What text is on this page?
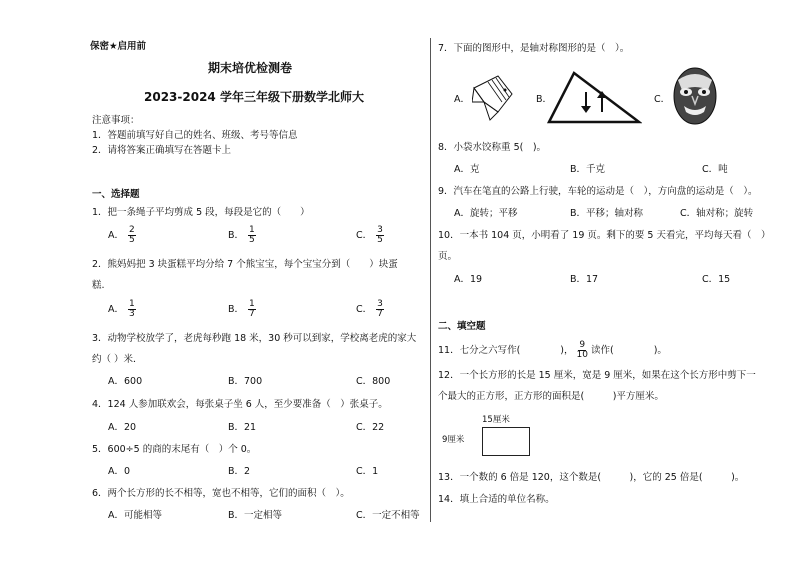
保密★启用前
期末培优检测卷
2023-2024 学年三年级下册数学北师大
注意事项：
1．答题前填写好自己的姓名、班级、考号等信息
2．请将答案正确填写在答题卡上
一、选择题
1．把一条绳子平均剪成 5 段，每段是它的（　　）
A． $\frac{2}{5}$	B． $\frac{1}{5}$	C． $\frac{3}{5}$
2．熊妈妈把 3 块蛋糕平均分给 7 个熊宝宝，每个宝宝分到（　　）块蛋
糕.
A． $\frac{1}{3}$	B． $\frac{1}{7}$	C． $\frac{3}{7}$
3．动物学校放学了，老虎每秒跑 18 米，30 秒可以到家，学校离老虎的家大
约（ ）米．
A．600	B．700	C．800
4．124 人参加联欢会，每张桌子坐 6 人，至少要准备（　）张桌子。
A．20	B．21	C．22
5．600÷5 的商的末尾有（　）个 0。
A．0	B．2	C．1
6．两个长方形的长不相等，宽也不相等，它们的面积（　）。
A．可能相等	B．一定相等	C．一定不相等
7．下面的图形中，是轴对称图形的是（　）。
A．	B．	C．
8．小袋水饺称重 5(　)。
A．克	B．千克	C．吨
9．汽车在笔直的公路上行驶，车轮的运动是（　），方向盘的运动是（　）。
A．旋转；平移	B．平移；轴对称	C．轴对称；旋转
10．一本书 104 页，小明看了 19 页。剩下的要 5 天看完，平均每天看（　）
页。
A．19	B．17	C．15
二、填空题
11．七分之六写作(	)， $\frac{9}{10}$ 读作(	)。
12．一个长方形的长是 15 厘米，宽是 9 厘米，如果在这个长方形中剪下一
个最大的正方形，正方形的面积是(　　　)平方厘米。
15厘米
9厘米
13．一个数的 6 倍是 120，这个数是(　　　)，它的 25 倍是(　　　)。
14．填上合适的单位名称。
